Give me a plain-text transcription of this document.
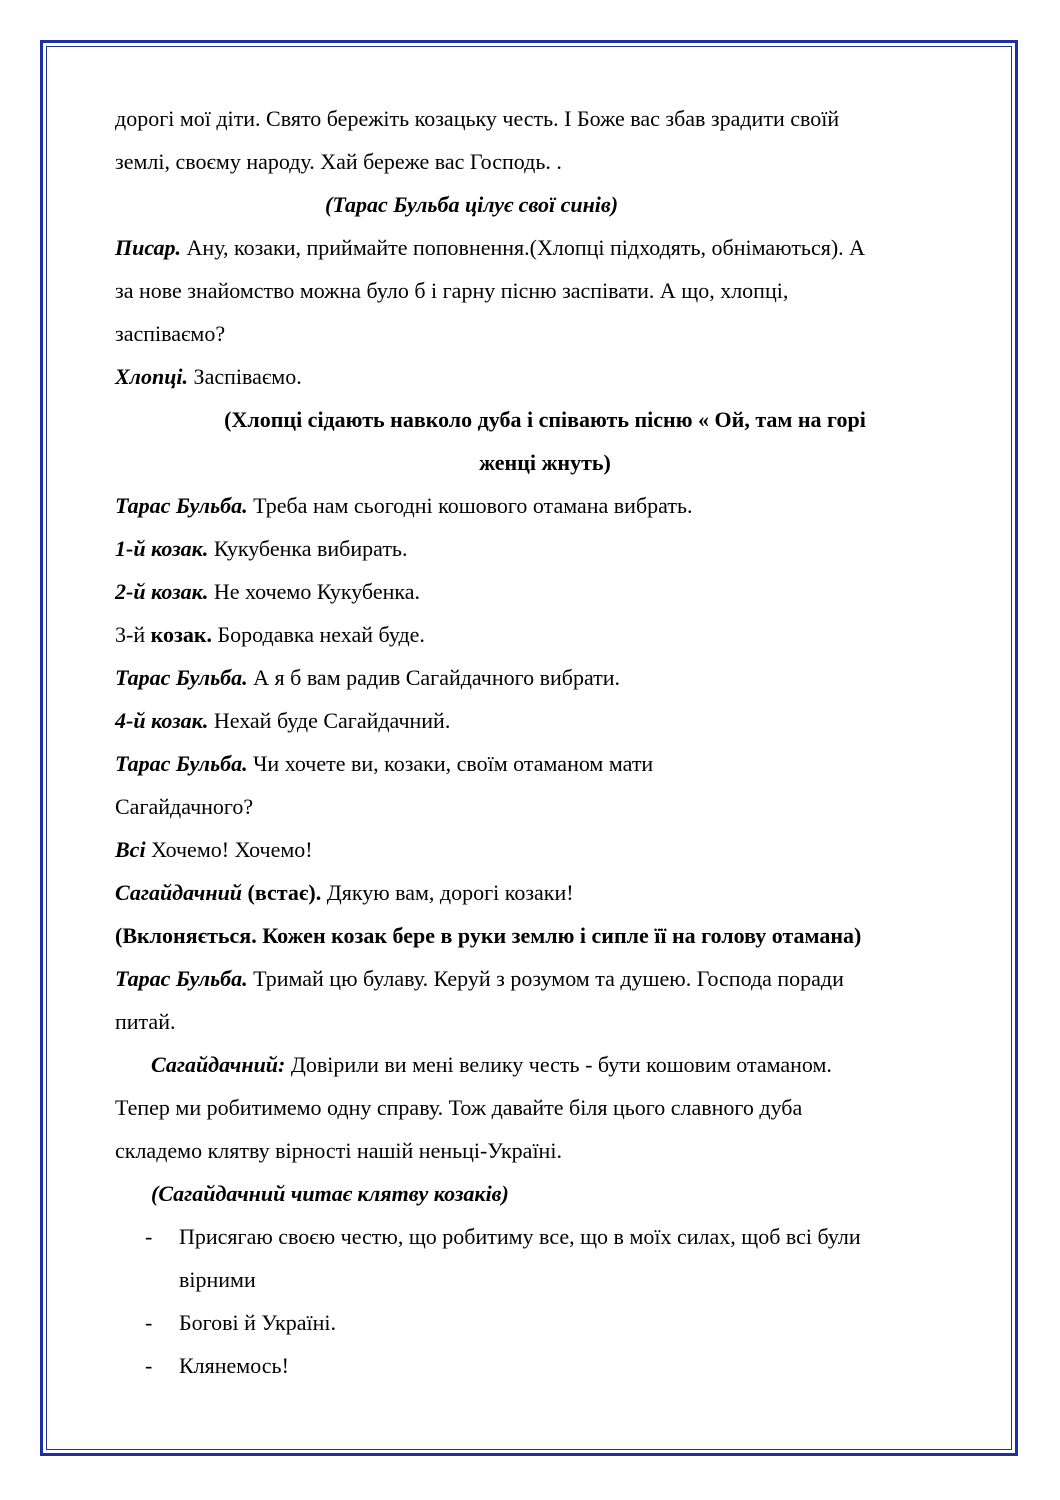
дорогі мої діти. Свято бережіть козацьку честь. І Боже вас збав зрадити своїй

землі, своєму народу. Хай береже вас Господь. .

(Тарас Бульба цілує свої синів)

Писар. Ану, козаки, приймайте поповнення.(Хлопці підходять, обнімаються). А

за нове знайомство можна було б і гарну пісню заспівати. А що, хлопці,

заспіваємо?

Хлопці. Заспіваємо.

(Хлопці сідають навколо дуба і співають пісню « Ой, там на горі

женці жнуть)

Тарас Бульба. Треба нам сьогодні кошового отамана вибрать.

1-й козак. Кукубенка вибирать.

2-й козак. Не хочемо Кукубенка.

3-й козак. Бородавка нехай буде.

Тарас Бульба. А я б вам радив Сагайдачного вибрати.

4-й козак. Нехай буде Сагайдачний.

Тарас Бульба. Чи хочете ви, козаки, своїм отаманом мати

Сагайдачного?

Всі Хочемо! Хочемо!

Сагайдачний (встає). Дякую вам, дорогі козаки!

(Вклоняється. Кожен козак бере в руки землю і сипле її на голову отамана)

Тарас Бульба. Тримай цю булаву. Керуй з розумом та душею. Господа поради

питай.

Сагайдачний: Довірили ви мені велику честь - бути кошовим отаманом.

Тепер ми робитимемо одну справу. Тож давайте біля цього славного дуба

складемо клятву вірності нашій неньці-Україні.

(Сагайдачний читає клятву козаків)

- Присягаю своєю честю, що робитиму все, що в моїх силах, щоб всі були

вірними

- Богові й Україні.

- Клянемось!
